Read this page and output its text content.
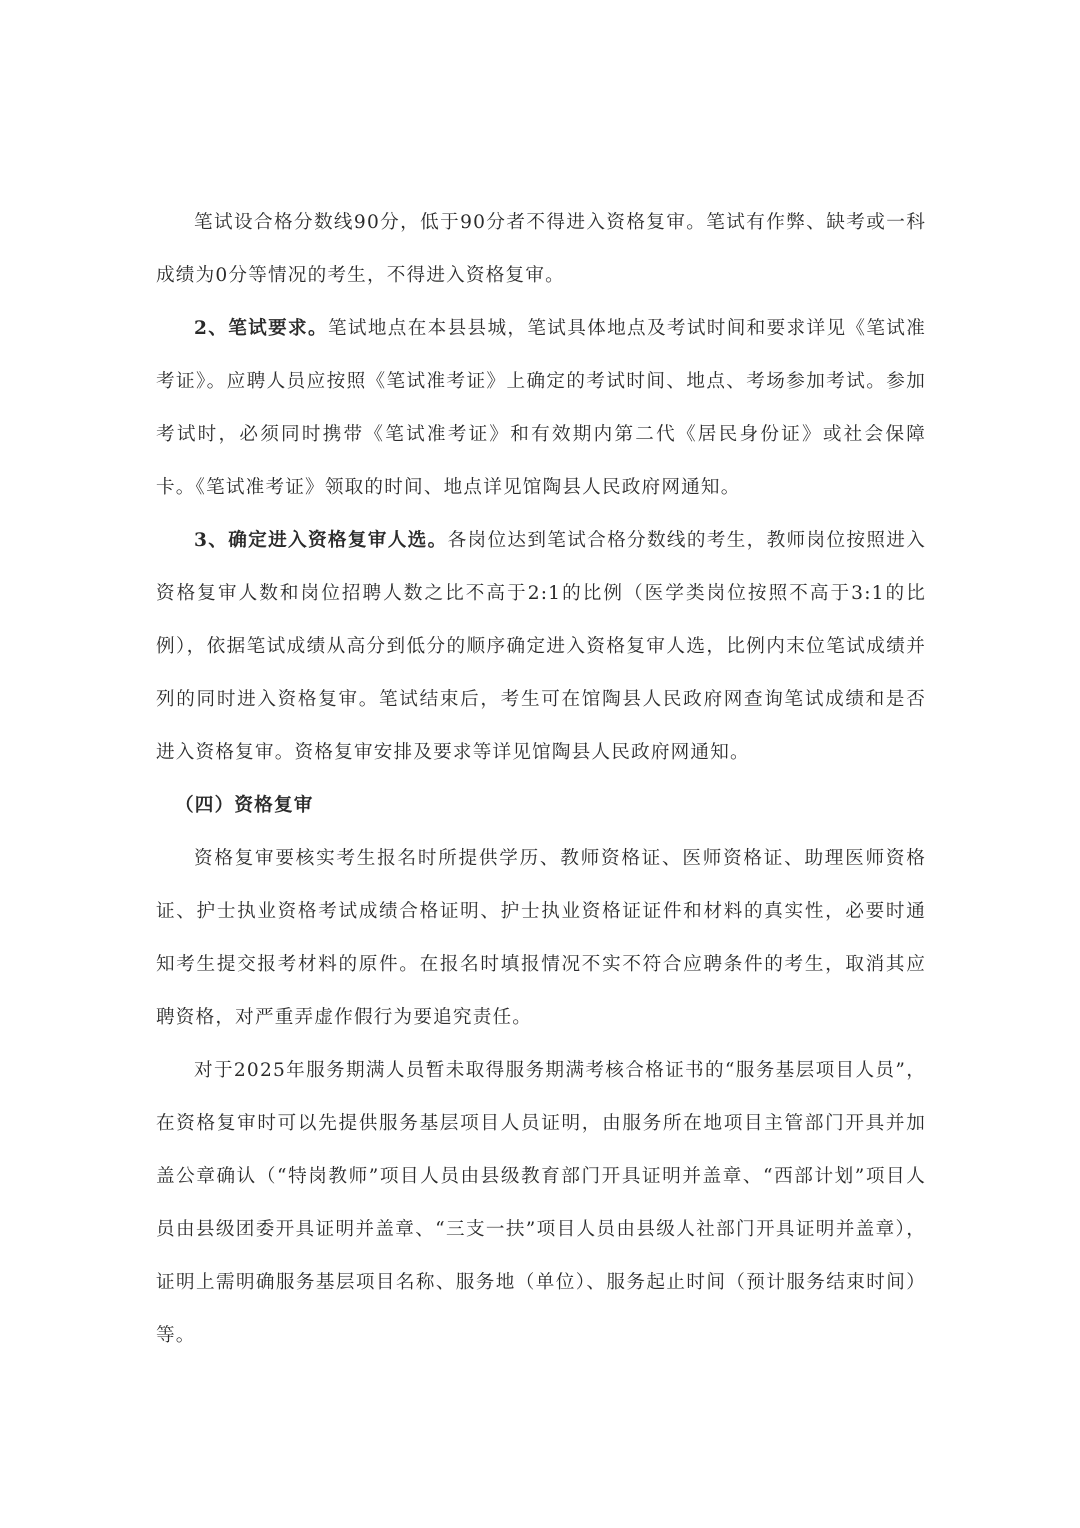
笔试设合格分数线90分，低于90分者不得进入资格复审。笔试有作弊、缺考或一科成绩为0分等情况的考生，不得进入资格复审。

2、笔试要求。笔试地点在本县县城，笔试具体地点及考试时间和要求详见《笔试准考证》。应聘人员应按照《笔试准考证》上确定的考试时间、地点、考场参加考试。参加考试时，必须同时携带《笔试准考证》和有效期内第二代《居民身份证》或社会保障卡。《笔试准考证》领取的时间、地点详见馆陶县人民政府网通知。

3、确定进入资格复审人选。各岗位达到笔试合格分数线的考生，教师岗位按照进入资格复审人数和岗位招聘人数之比不高于2:1的比例（医学类岗位按照不高于3:1的比例），依据笔试成绩从高分到低分的顺序确定进入资格复审人选，比例内末位笔试成绩并列的同时进入资格复审。笔试结束后，考生可在馆陶县人民政府网查询笔试成绩和是否进入资格复审。资格复审安排及要求等详见馆陶县人民政府网通知。

（四）资格复审

资格复审要核实考生报名时所提供学历、教师资格证、医师资格证、助理医师资格证、护士执业资格考试成绩合格证明、护士执业资格证证件和材料的真实性，必要时通知考生提交报考材料的原件。在报名时填报情况不实不符合应聘条件的考生，取消其应聘资格，对严重弄虚作假行为要追究责任。

对于2025年服务期满人员暂未取得服务期满考核合格证书的“服务基层项目人员”，在资格复审时可以先提供服务基层项目人员证明，由服务所在地项目主管部门开具并加盖公章确认（“特岗教师”项目人员由县级教育部门开具证明并盖章、“西部计划”项目人员由县级团委开具证明并盖章、“三支一扶”项目人员由县级人社部门开具证明并盖章），证明上需明确服务基层项目名称、服务地（单位）、服务起止时间（预计服务结束时间）等。
